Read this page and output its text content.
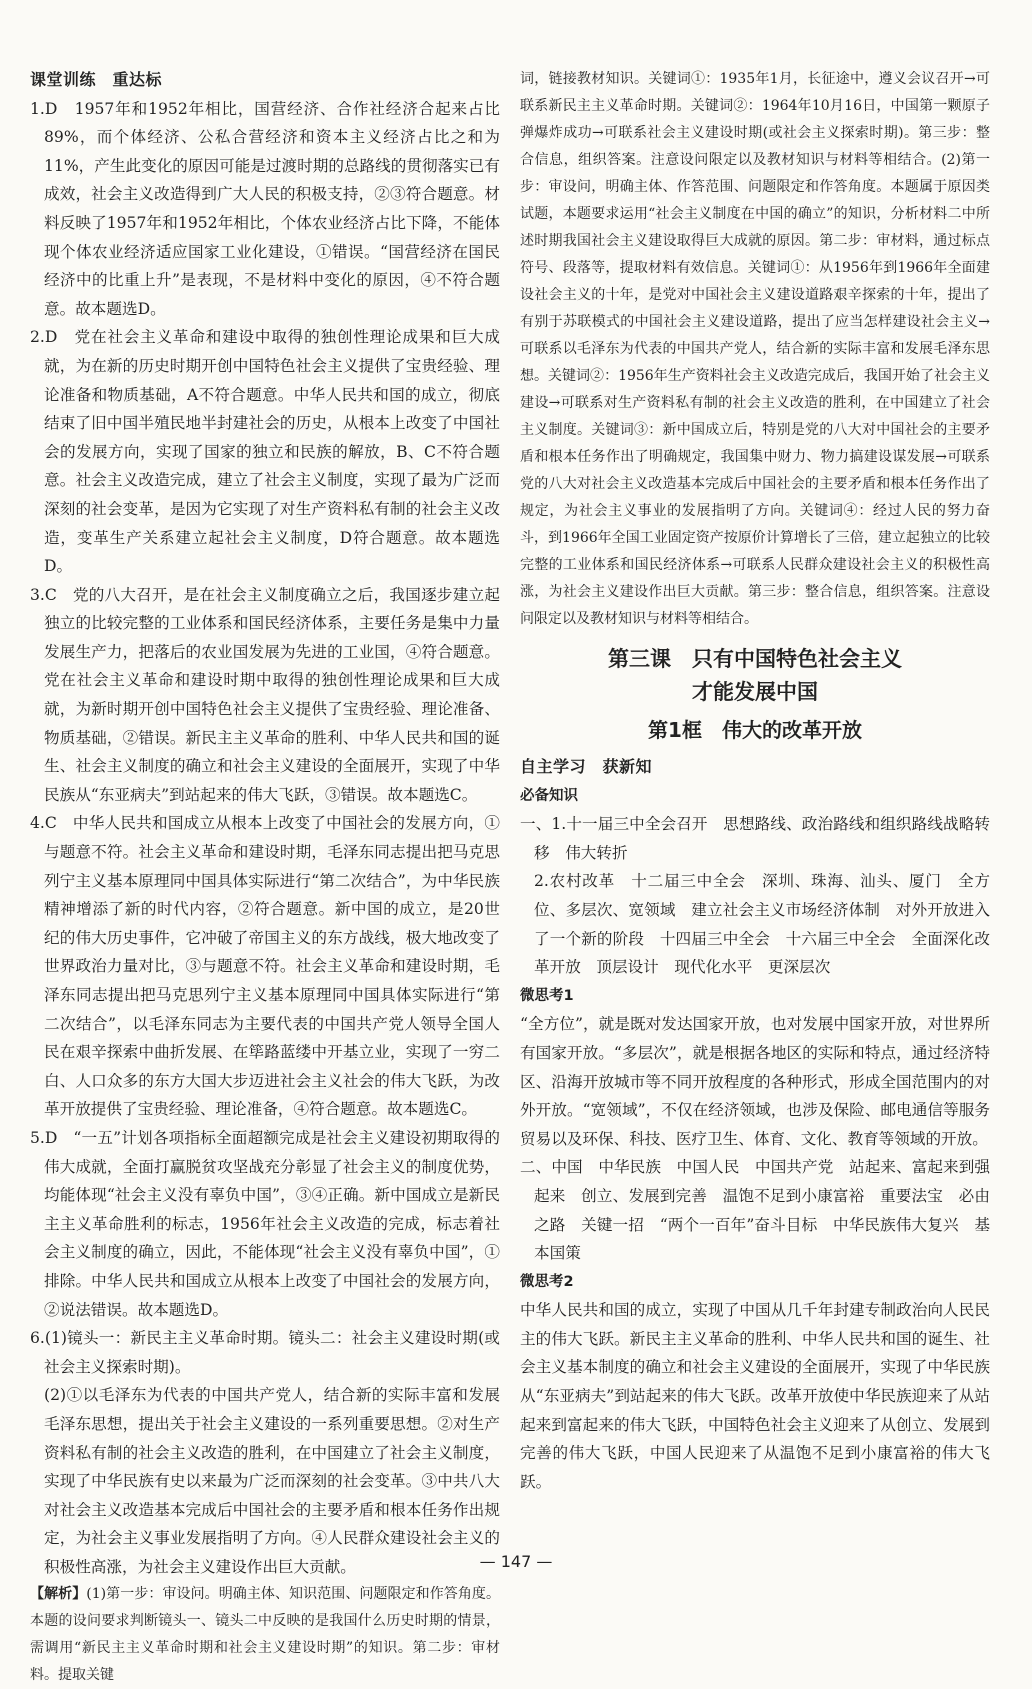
课堂训练　重达标

1.D　1957年和1952年相比，国营经济、合作社经济合起来占比89%，而个体经济、公私合营经济和资本主义经济占比之和为11%，产生此变化的原因可能是过渡时期的总路线的贯彻落实已有成效，社会主义改造得到广大人民的积极支持，②③符合题意。材料反映了1957年和1952年相比，个体农业经济占比下降，不能体现个体农业经济适应国家工业化建设，①错误。“国营经济在国民经济中的比重上升”是表现，不是材料中变化的原因，④不符合题意。故本题选D。

2.D　党在社会主义革命和建设中取得的独创性理论成果和巨大成就，为在新的历史时期开创中国特色社会主义提供了宝贵经验、理论准备和物质基础，A不符合题意。中华人民共和国的成立，彻底结束了旧中国半殖民地半封建社会的历史，从根本上改变了中国社会的发展方向，实现了国家的独立和民族的解放，B、C不符合题意。社会主义改造完成，建立了社会主义制度，实现了最为广泛而深刻的社会变革，是因为它实现了对生产资料私有制的社会主义改造，变革生产关系建立起社会主义制度，D符合题意。故本题选D。

3.C　党的八大召开，是在社会主义制度确立之后，我国逐步建立起独立的比较完整的工业体系和国民经济体系，主要任务是集中力量发展生产力，把落后的农业国发展为先进的工业国，④符合题意。党在社会主义革命和建设时期中取得的独创性理论成果和巨大成就，为新时期开创中国特色社会主义提供了宝贵经验、理论准备、物质基础，②错误。新民主主义革命的胜利、中华人民共和国的诞生、社会主义制度的确立和社会主义建设的全面展开，实现了中华民族从“东亚病夫”到站起来的伟大飞跃，③错误。故本题选C。

4.C　中华人民共和国成立从根本上改变了中国社会的发展方向，①与题意不符。社会主义革命和建设时期，毛泽东同志提出把马克思列宁主义基本原理同中国具体实际进行“第二次结合”，为中华民族精神增添了新的时代内容，②符合题意。新中国的成立，是20世纪的伟大历史事件，它冲破了帝国主义的东方战线，极大地改变了世界政治力量对比，③与题意不符。社会主义革命和建设时期，毛泽东同志提出把马克思列宁主义基本原理同中国具体实际进行“第二次结合”，以毛泽东同志为主要代表的中国共产党人领导全国人民在艰辛探索中曲折发展、在筚路蓝缕中开基立业，实现了一穷二白、人口众多的东方大国大步迈进社会主义社会的伟大飞跃，为改革开放提供了宝贵经验、理论准备，④符合题意。故本题选C。

5.D　“一五”计划各项指标全面超额完成是社会主义建设初期取得的伟大成就，全面打赢脱贫攻坚战充分彰显了社会主义的制度优势，均能体现“社会主义没有辜负中国”，③④正确。新中国成立是新民主主义革命胜利的标志，1956年社会主义改造的完成，标志着社会主义制度的确立，因此，不能体现“社会主义没有辜负中国”，①排除。中华人民共和国成立从根本上改变了中国社会的发展方向，②说法错误。故本题选D。

6.(1)镜头一：新民主主义革命时期。镜头二：社会主义建设时期(或社会主义探索时期)。

(2)①以毛泽东为代表的中国共产党人，结合新的实际丰富和发展毛泽东思想，提出关于社会主义建设的一系列重要思想。②对生产资料私有制的社会主义改造的胜利，在中国建立了社会主义制度，实现了中华民族有史以来最为广泛而深刻的社会变革。③中共八大对社会主义改造基本完成后中国社会的主要矛盾和根本任务作出规定，为社会主义事业发展指明了方向。④人民群众建设社会主义的积极性高涨，为社会主义建设作出巨大贡献。

【解析】(1)第一步：审设问。明确主体、知识范围、问题限定和作答角度。本题的设问要求判断镜头一、镜头二中反映的是我国什么历史时期的情景，需调用“新民主主义革命时期和社会主义建设时期”的知识。第二步：审材料。提取关键

词，链接教材知识。关键词①：1935年1月，长征途中，遵义会议召开→可联系新民主主义革命时期。关键词②：1964年10月16日，中国第一颗原子弹爆炸成功→可联系社会主义建设时期(或社会主义探索时期)。第三步：整合信息，组织答案。注意设问限定以及教材知识与材料等相结合。(2)第一步：审设问，明确主体、作答范围、问题限定和作答角度。本题属于原因类试题，本题要求运用“社会主义制度在中国的确立”的知识，分析材料二中所述时期我国社会主义建设取得巨大成就的原因。第二步：审材料，通过标点符号、段落等，提取材料有效信息。关键词①：从1956年到1966年全面建设社会主义的十年，是党对中国社会主义建设道路艰辛探索的十年，提出了有别于苏联模式的中国社会主义建设道路，提出了应当怎样建设社会主义→可联系以毛泽东为代表的中国共产党人，结合新的实际丰富和发展毛泽东思想。关键词②：1956年生产资料社会主义改造完成后，我国开始了社会主义建设→可联系对生产资料私有制的社会主义改造的胜利，在中国建立了社会主义制度。关键词③：新中国成立后，特别是党的八大对中国社会的主要矛盾和根本任务作出了明确规定，我国集中财力、物力搞建设谋发展→可联系党的八大对社会主义改造基本完成后中国社会的主要矛盾和根本任务作出了规定，为社会主义事业的发展指明了方向。关键词④：经过人民的努力奋斗，到1966年全国工业固定资产按原价计算增长了三倍，建立起独立的比较完整的工业体系和国民经济体系→可联系人民群众建设社会主义的积极性高涨，为社会主义建设作出巨大贡献。第三步：整合信息，组织答案。注意设问限定以及教材知识与材料等相结合。

第三课　只有中国特色社会主义
才能发展中国
第1框　伟大的改革开放

自主学习　获新知

必备知识

一、1.十一届三中全会召开　思想路线、政治路线和组织路线战略转移　伟大转折

2.农村改革　十二届三中全会　深圳、珠海、汕头、厦门　全方位、多层次、宽领域　建立社会主义市场经济体制　对外开放进入了一个新的阶段　十四届三中全会　十六届三中全会　全面深化改革开放　顶层设计　现代化水平　更深层次

微思考1

“全方位”，就是既对发达国家开放，也对发展中国家开放，对世界所有国家开放。“多层次”，就是根据各地区的实际和特点，通过经济特区、沿海开放城市等不同开放程度的各种形式，形成全国范围内的对外开放。“宽领域”，不仅在经济领域，也涉及保险、邮电通信等服务贸易以及环保、科技、医疗卫生、体育、文化、教育等领域的开放。

二、中国　中华民族　中国人民　中国共产党　站起来、富起来到强起来　创立、发展到完善　温饱不足到小康富裕　重要法宝　必由之路　关键一招　“两个一百年”奋斗目标　中华民族伟大复兴　基本国策

微思考2

中华人民共和国的成立，实现了中国从几千年封建专制政治向人民民主的伟大飞跃。新民主主义革命的胜利、中华人民共和国的诞生、社会主义基本制度的确立和社会主义建设的全面展开，实现了中华民族从“东亚病夫”到站起来的伟大飞跃。改革开放使中华民族迎来了从站起来到富起来的伟大飞跃，中国特色社会主义迎来了从创立、发展到完善的伟大飞跃，中国人民迎来了从温饱不足到小康富裕的伟大飞跃。

— 147 —
